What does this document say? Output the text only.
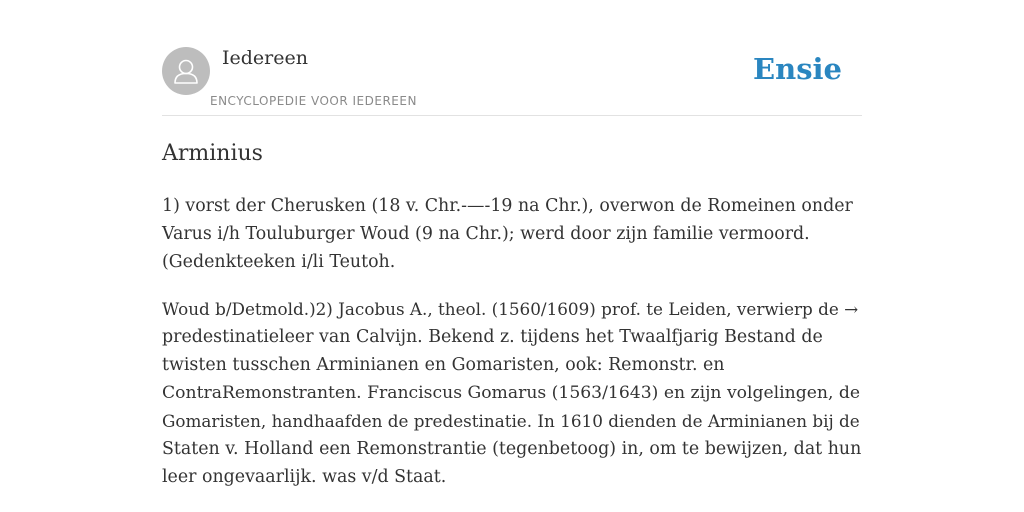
Iedereen
ENCYCLOPEDIE VOOR IEDEREEN
Ensie
Arminius
1) vorst der Cherusken (18 v. Chr.-—-19 na Chr.), overwon de Romeinen onder
Varus i/h Touluburger Woud (9 na Chr.); werd door zijn familie vermoord.
(Gedenkteeken i/li Teutoh.
Woud b/Detmold.)2) Jacobus A., theol. (1560/1609) prof. te Leiden, verwierp de →
predestinatieleer van Calvijn. Bekend z. tijdens het Twaalfjarig Bestand de
twisten tusschen Arminianen en Gomaristen, ook: Remonstr. en
ContraRemonstranten. Franciscus Gomarus (1563/1643) en zijn volgelingen, de
Gomaristen, handhaafden de predestinatie. In 1610 dienden de Arminianen bij de
Staten v. Holland een Remonstrantie (tegenbetoog) in, om te bewijzen, dat hun
leer ongevaarlijk. was v/d Staat.
